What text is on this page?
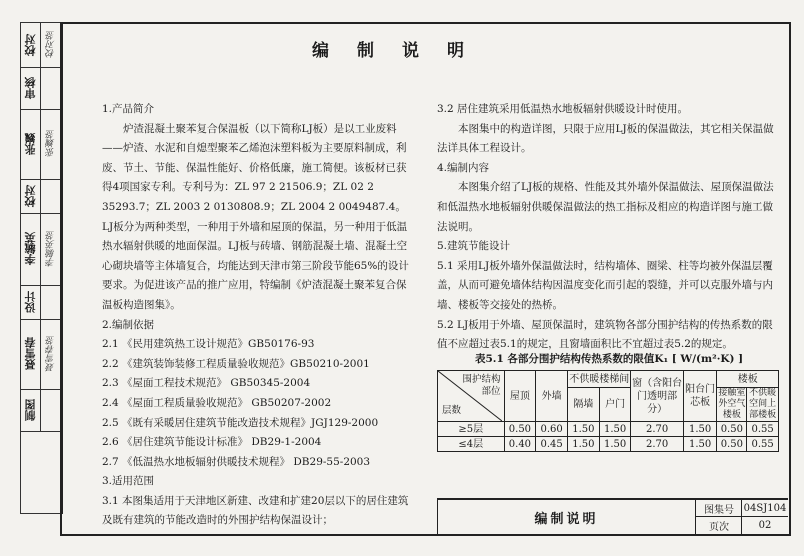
校对	校对签
审核
张巍	张巍签
校对
李毓英	李毓英签
设计
聂雪春	聂雪春签
制图
编制说明

1.产品简介

炉渣混凝土聚苯复合保温板（以下简称LJ板）是以工业废料——炉渣、水泥和自熄型聚苯乙烯泡沫塑料板为主要原料制成，利废、节土、节能、保温性能好、价格低廉，施工简便。该板材已获得4项国家专利。专利号为：ZL 97 2 21506.9；ZL 02 2 35293.7；ZL 2003 2 0130808.9；ZL 2004 2 0049487.4。LJ板分为两种类型，一种用于外墙和屋顶的保温，另一种用于低温热水辐射供暖的地面保温。LJ板与砖墙、钢筋混凝土墙、混凝土空心砌块墙等主体墙复合，均能达到天津市第三阶段节能65%的设计要求。为促进该产品的推广应用，特编制《炉渣混凝土聚苯复合保温板构造图集》。

2.编制依据

2.1 《民用建筑热工设计规范》GB50176-93

2.2 《建筑装饰装修工程质量验收规范》GB50210-2001

2.3 《屋面工程技术规范》 GB50345-2004

2.4 《屋面工程质量验收规范》 GB50207-2002

2.5 《既有采暖居住建筑节能改造技术规程》JGJ129-2000

2.6 《居住建筑节能设计标准》 DB29-1-2004

2.7 《低温热水地板辐射供暖技术规程》 DB29-55-2003

3.适用范围

3.1 本图集适用于天津地区新建、改建和扩建20层以下的居住建筑及既有建筑的节能改造时的外围护结构保温设计；

3.2 居住建筑采用低温热水地板辐射供暖设计时使用。

本图集中的构造详图，只限于应用LJ板的保温做法，其它相关保温做法详具体工程设计。

4.编制内容

本图集介绍了LJ板的规格、性能及其外墙外保温做法、屋顶保温做法和低温热水地板辐射供暖保温做法的热工指标及相应的构造详图与施工做法说明。

5.建筑节能设计

5.1 采用LJ板外墙外保温做法时，结构墙体、圈梁、柱等均被外保温层覆盖，从而可避免墙体结构因温度变化而引起的裂缝，并可以克服外墙与内墙、楼板等交接处的热桥。

5.2 LJ板用于外墙、屋顶保温时，建筑物各部分围护结构的传热系数的限值不应超过表5.1的规定，且窗墙面积比不宜超过表5.2的规定。

表5.1 各部分围护结构传热系数的限值K₁ [ W/(m²·K) ]
围护结构部位
层数	屋顶	外墙	不供暖楼梯间		窗（含阳台门透明部分）	阳台门芯板	楼板	
			隔墙	户门			接触室外空气楼板	不供暖空间上部楼板

≥5层	0.50	0.60	1.50	1.50	2.70	1.50	0.50	0.55
≤4层	0.40	0.45	1.50	1.50	2.70	1.50	0.50	0.55
编制说明
图集号 04SJ104
页次	02
